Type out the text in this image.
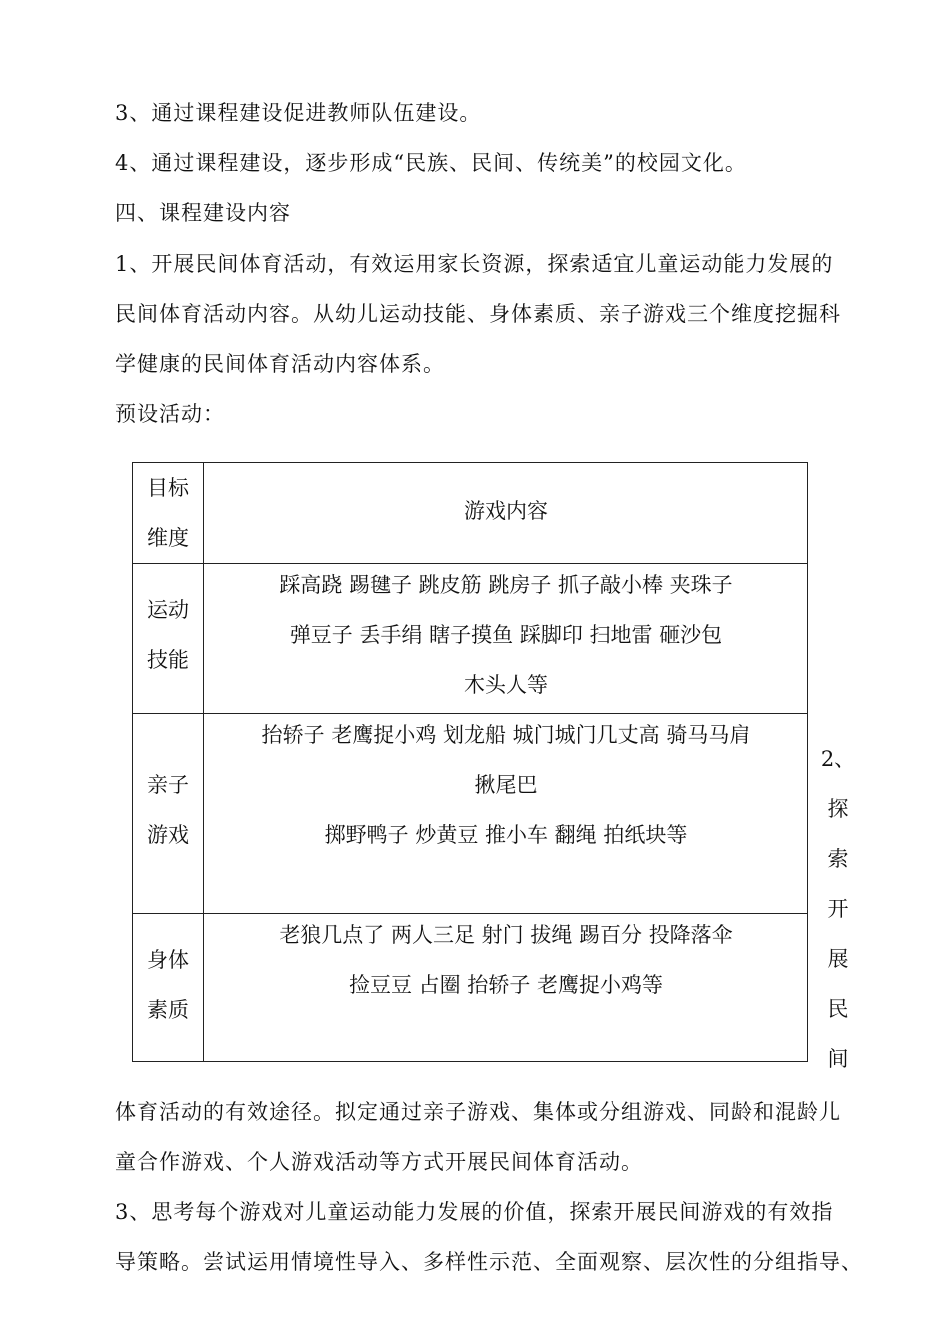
3、通过课程建设促进教师队伍建设。
4、通过课程建设，逐步形成“民族、民间、传统美”的校园文化。
四、课程建设内容
1、开展民间体育活动，有效运用家长资源，探索适宜儿童运动能力发展的
民间体育活动内容。从幼儿运动技能、身体素质、亲子游戏三个维度挖掘科
学健康的民间体育活动内容体系。
预设活动：
目标
维度
游戏内容
运动
技能
踩高跷 踢毽子 跳皮筋 跳房子 抓子敲小棒 夹珠子
弹豆子 丢手绢 瞎子摸鱼 踩脚印 扫地雷 砸沙包
木头人等
亲子
游戏
抬轿子 老鹰捉小鸡 划龙船 城门城门几丈高 骑马马肩
揪尾巴
掷野鸭子 炒黄豆 推小车 翻绳 拍纸块等
身体
素质
老狼几点了 两人三足 射门 拔绳 踢百分 投降落伞
捡豆豆 占圈 抬轿子 老鹰捉小鸡等
2、
探
索
开
展
民
间
体育活动的有效途径。拟定通过亲子游戏、集体或分组游戏、同龄和混龄儿
童合作游戏、个人游戏活动等方式开展民间体育活动。
3、思考每个游戏对儿童运动能力发展的价值，探索开展民间游戏的有效指
导策略。尝试运用情境性导入、多样性示范、全面观察、层次性的分组指导、
